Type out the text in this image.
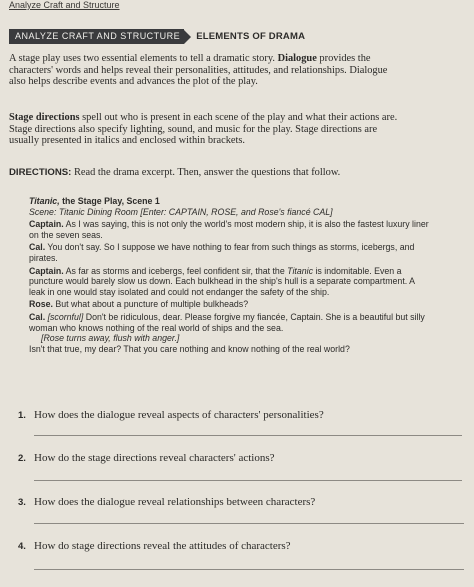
Analyze Craft and Structure
ANALYZE CRAFT AND STRUCTURE	ELEMENTS OF DRAMA

A stage play uses two essential elements to tell a dramatic story. Dialogue provides the characters' words and helps reveal their personalities, attitudes, and relationships. Dialogue also helps describe events and advances the plot of the play.

Stage directions spell out who is present in each scene of the play and what their actions are. Stage directions also specify lighting, sound, and music for the play. Stage directions are usually presented in italics and enclosed within brackets.

DIRECTIONS: Read the drama excerpt. Then, answer the questions that follow.

Titanic, the Stage Play, Scene 1

Scene: Titanic Dining Room [Enter: CAPTAIN, ROSE, and Rose's fiancé CAL]

Captain. As I was saying, this is not only the world's most modern ship, it is also the fastest luxury liner on the seven seas.

Cal. You don't say. So I suppose we have nothing to fear from such things as storms, icebergs, and pirates.

Captain. As far as storms and icebergs, feel confident sir, that the Titanic is indomitable. Even a puncture would barely slow us down. Each bulkhead in the ship's hull is a separate compartment. A leak in one would stay isolated and could not endanger the safety of the ship.

Rose. But what about a puncture of multiple bulkheads?

Cal. [scornful] Don't be ridiculous, dear. Please forgive my fiancée, Captain. She is a beautiful but silly woman who knows nothing of the real world of ships and the sea.

[Rose turns away, flush with anger.]

Isn't that true, my dear? That you care nothing and know nothing of the real world?

1. How does the dialogue reveal aspects of characters' personalities?
2. How do the stage directions reveal characters' actions?
3. How does the dialogue reveal relationships between characters?
4. How do stage directions reveal the attitudes of characters?
